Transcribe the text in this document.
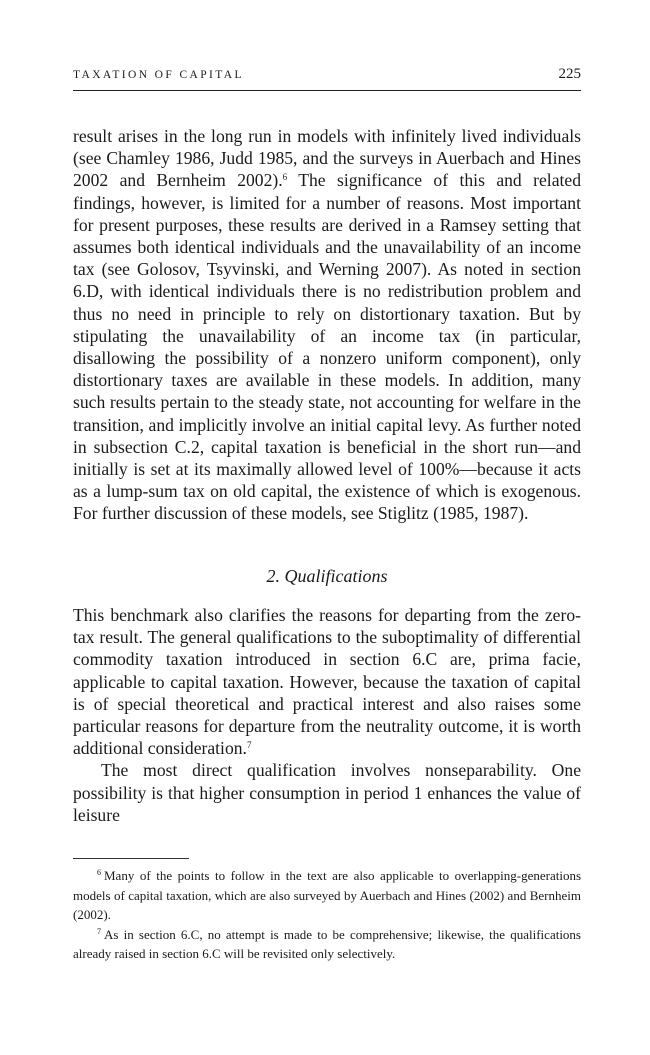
TAXATION OF CAPITAL	225

result arises in the long run in models with infinitely lived individuals (see Chamley 1986, Judd 1985, and the surveys in Auerbach and Hines 2002 and Bernheim 2002).$^6$ The significance of this and related findings, however, is limited for a number of reasons. Most important for present purposes, these results are derived in a Ramsey setting that assumes both identical individuals and the unavailability of an income tax (see Golosov, Tsyvinski, and Werning 2007). As noted in section 6.D, with identical individuals there is no redistribution problem and thus no need in principle to rely on distortionary taxation. But by stipulating the unavailability of an income tax (in particular, disallowing the possibility of a nonzero uniform component), only distortionary taxes are available in these models. In addition, many such results pertain to the steady state, not accounting for welfare in the transition, and implicitly involve an initial capital levy. As further noted in subsection C.2, capital taxation is beneficial in the short run—and initially is set at its maximally allowed level of 100%—because it acts as a lump-sum tax on old capital, the existence of which is exogenous. For further discussion of these models, see Stiglitz (1985, 1987).

2. Qualifications

This benchmark also clarifies the reasons for departing from the zero-tax result. The general qualifications to the suboptimality of differential commodity taxation introduced in section 6.C are, prima facie, applicable to capital taxation. However, because the taxation of capital is of special theoretical and practical interest and also raises some particular reasons for departure from the neutrality outcome, it is worth additional consideration.$^7$

The most direct qualification involves nonseparability. One possibility is that higher consumption in period 1 enhances the value of leisure

$^6$ Many of the points to follow in the text are also applicable to overlapping-generations models of capital taxation, which are also surveyed by Auerbach and Hines (2002) and Bernheim (2002).

$^7$ As in section 6.C, no attempt is made to be comprehensive; likewise, the qualifications already raised in section 6.C will be revisited only selectively.
